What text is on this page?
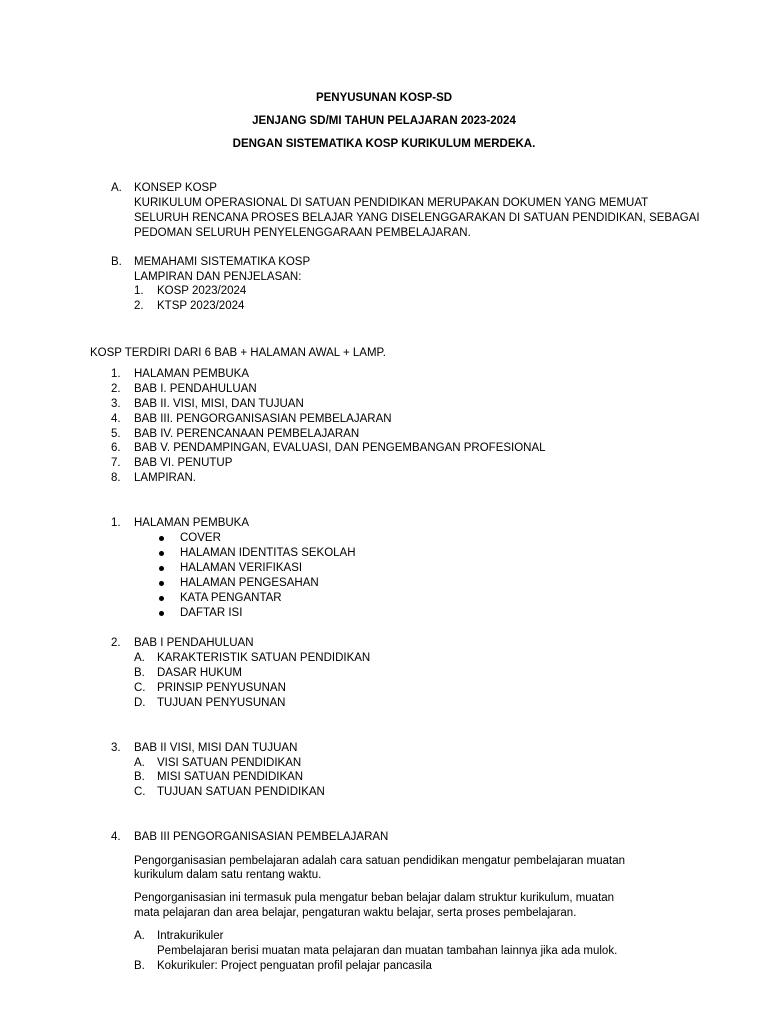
PENYUSUNAN KOSP-SD
JENJANG SD/MI TAHUN PELAJARAN 2023-2024
DENGAN SISTEMATIKA KOSP KURIKULUM MERDEKA.
A. KONSEP KOSP
KURIKULUM OPERASIONAL DI SATUAN PENDIDIKAN MERUPAKAN DOKUMEN YANG MEMUAT
SELURUH RENCANA PROSES BELAJAR YANG DISELENGGARAKAN DI SATUAN PENDIDIKAN, SEBAGAI
PEDOMAN SELURUH PENYELENGGARAAN PEMBELAJARAN.
B. MEMAHAMI SISTEMATIKA KOSP
LAMPIRAN DAN PENJELASAN:
1. KOSP 2023/2024
2. KTSP 2023/2024
KOSP TERDIRI DARI 6 BAB + HALAMAN AWAL + LAMP.
1. HALAMAN PEMBUKA
2. BAB I. PENDAHULUAN
3. BAB II. VISI, MISI, DAN TUJUAN
4. BAB III. PENGORGANISASIAN PEMBELAJARAN
5. BAB IV. PERENCANAAN PEMBELAJARAN
6. BAB V. PENDAMPINGAN, EVALUASI, DAN PENGEMBANGAN PROFESIONAL
7. BAB VI. PENUTUP
8. LAMPIRAN.
1. HALAMAN PEMBUKA
COVER
HALAMAN IDENTITAS SEKOLAH
HALAMAN VERIFIKASI
HALAMAN PENGESAHAN
KATA PENGANTAR
DAFTAR ISI
2. BAB I PENDAHULUAN
A. KARAKTERISTIK SATUAN PENDIDIKAN
B. DASAR HUKUM
C. PRINSIP PENYUSUNAN
D. TUJUAN PENYUSUNAN
3. BAB II VISI, MISI DAN TUJUAN
A. VISI SATUAN PENDIDIKAN
B. MISI SATUAN PENDIDIKAN
C. TUJUAN SATUAN PENDIDIKAN
4. BAB III PENGORGANISASIAN PEMBELAJARAN
Pengorganisasian pembelajaran adalah cara satuan pendidikan mengatur pembelajaran muatan
kurikulum dalam satu rentang waktu.
Pengorganisasian ini termasuk pula mengatur beban belajar dalam struktur kurikulum, muatan
mata pelajaran dan area belajar, pengaturan waktu belajar, serta proses pembelajaran.
A. Intrakurikuler
Pembelajaran berisi muatan mata pelajaran dan muatan tambahan lainnya jika ada mulok.
B. Kokurikuler: Project penguatan profil pelajar pancasila
